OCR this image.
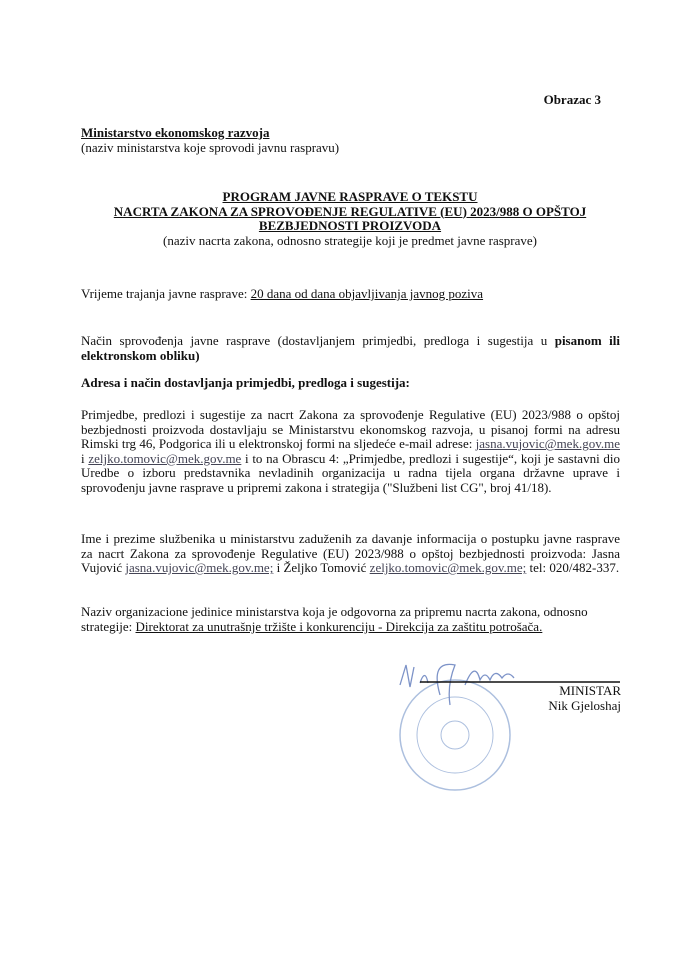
Obrazac 3
Ministarstvo ekonomskog razvoja
(naziv ministarstva koje sprovodi javnu raspravu)
PROGRAM JAVNE RASPRAVE O TEKSTU
NACRTA ZAKONA ZA SPROVOĐENJE REGULATIVE (EU) 2023/988 O OPŠTOJ
BEZBJEDNOSTI PROIZVODA
(naziv nacrta zakona, odnosno strategije koji je predmet javne rasprave)
Vrijeme trajanja javne rasprave: 20 dana od dana objavljivanja javnog poziva
Način sprovođenja javne rasprave (dostavljanjem primjedbi, predloga i sugestija u pisanom ili elektronskom obliku)
Adresa i način dostavljanja primjedbi, predloga i sugestija:
Primjedbe, predlozi i sugestije za nacrt Zakona za sprovođenje Regulative (EU) 2023/988 o opštoj bezbjednosti proizvoda dostavljaju se Ministarstvu ekonomskog razvoja, u pisanoj formi na adresu Rimski trg 46, Podgorica ili u elektronskoj formi na sljedeće e-mail adrese: jasna.vujovic@mek.gov.me i zeljko.tomovic@mek.gov.me i to na Obrascu 4: „Primjedbe, predlozi i sugestije“, koji je sastavni dio Uredbe o izboru predstavnika nevladinih organizacija u radna tijela organa državne uprave i sprovođenju javne rasprave u pripremi zakona i strategija ("Službeni list CG", broj 41/18).
Ime i prezime službenika u ministarstvu zaduženih za davanje informacija o postupku javne rasprave za nacrt Zakona za sprovođenje Regulative (EU) 2023/988 o opštoj bezbjednosti proizvoda: Jasna Vujović jasna.vujovic@mek.gov.me; i Željko Tomović zeljko.tomovic@mek.gov.me; tel: 020/482-337.
Naziv organizacione jedinice ministarstva koja je odgovorna za pripremu nacrta zakona, odnosno strategije: Direktorat za unutrašnje tržište i konkurenciju - Direkcija za zaštitu potrošača.
MINISTAR
Nik Gjeloshaj
